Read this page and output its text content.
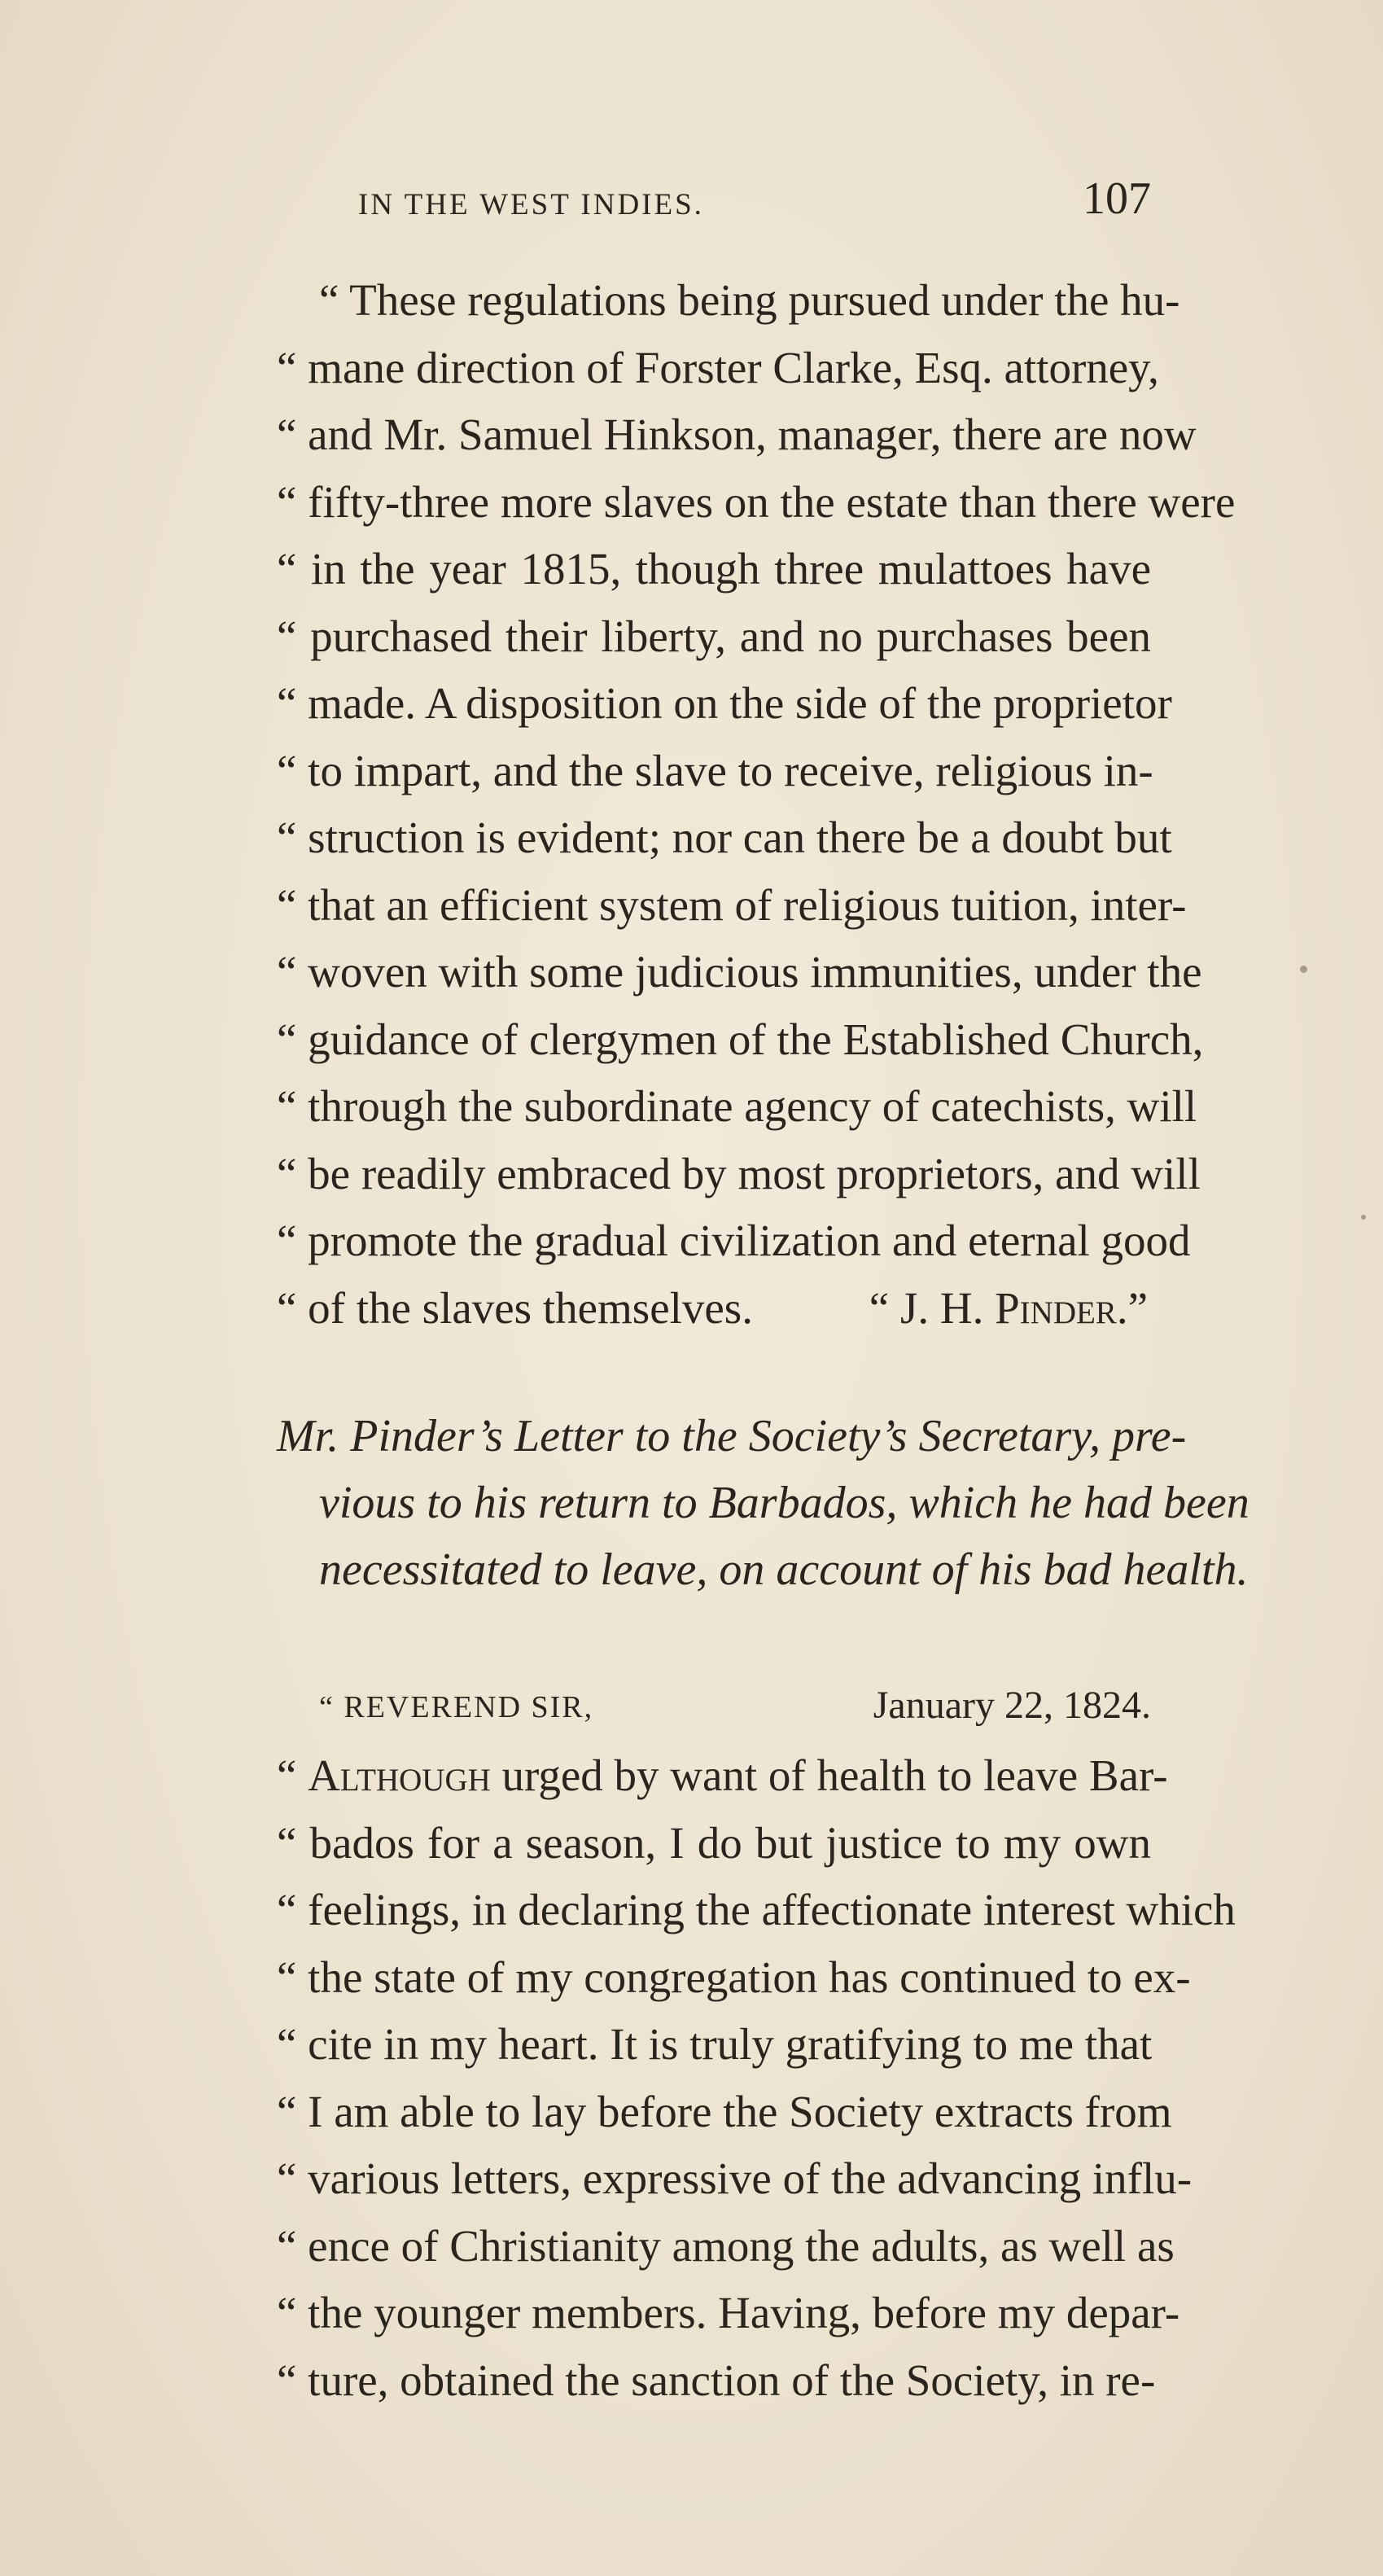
IN THE WEST INDIES.	107
“ These regulations being pursued under the hu-
“ mane direction of Forster Clarke, Esq. attorney,
“ and Mr. Samuel Hinkson, manager, there are now
“ fifty-three more slaves on the estate than there were
“ in the year 1815, though three mulattoes have
“ purchased their liberty, and no purchases been
“ made. A disposition on the side of the proprietor
“ to impart, and the slave to receive, religious in-
“ struction is evident; nor can there be a doubt but
“ that an efficient system of religious tuition, inter-
“ woven with some judicious immunities, under the
“ guidance of clergymen of the Established Church,
“ through the subordinate agency of catechists, will
“ be readily embraced by most proprietors, and will
“ promote the gradual civilization and eternal good
“ of the slaves themselves.	“ J. H. Pinder.”
Mr. Pinder’s Letter to the Society’s Secretary, pre-
vious to his return to Barbados, which he had been
necessitated to leave, on account of his bad health.
“ REVEREND SIR,	January 22, 1824.
“ Although urged by want of health to leave Bar-
“ bados for a season, I do but justice to my own
“ feelings, in declaring the affectionate interest which
“ the state of my congregation has continued to ex-
“ cite in my heart. It is truly gratifying to me that
“ I am able to lay before the Society extracts from
“ various letters, expressive of the advancing influ-
“ ence of Christianity among the adults, as well as
“ the younger members. Having, before my depar-
“ ture, obtained the sanction of the Society, in re-
